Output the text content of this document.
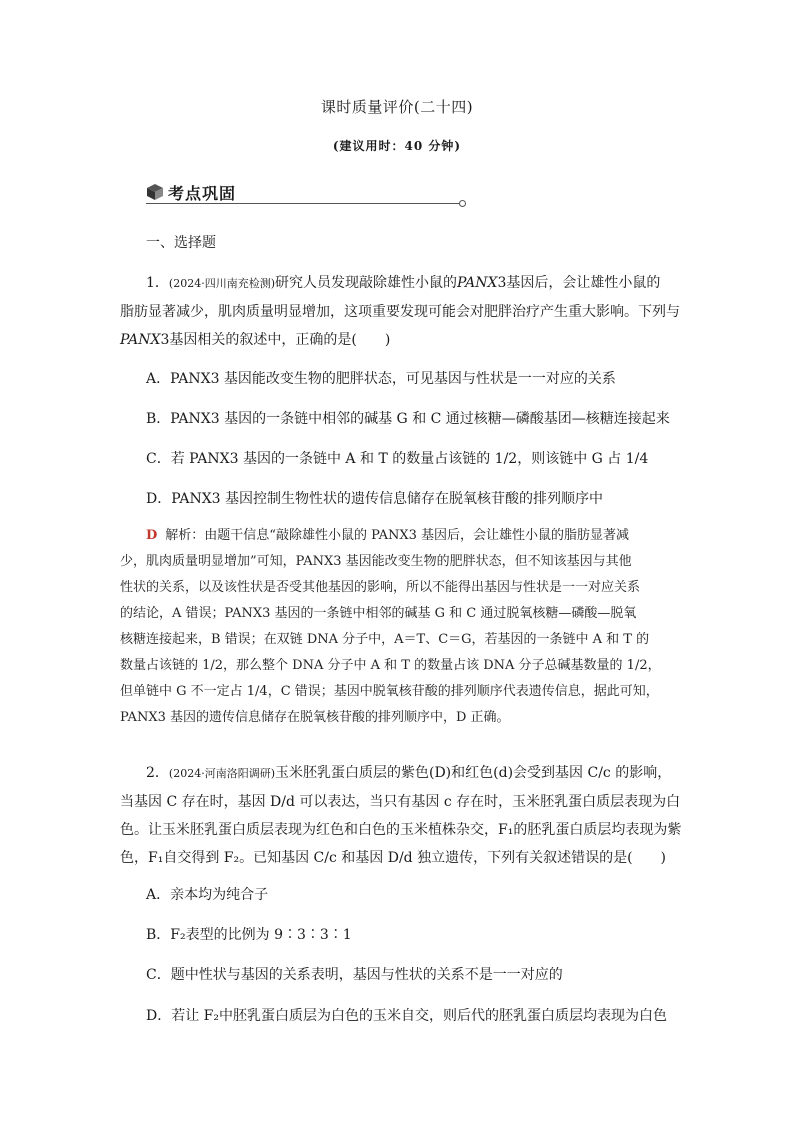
课时质量评价(二十四)
(建议用时：40 分钟)
考点巩固
一、选择题
1．(2024·四川南充检测)研究人员发现敲除雄性小鼠的PANX3基因后，会让雄性小鼠的
脂肪显著减少，肌肉质量明显增加，这项重要发现可能会对肥胖治疗产生重大影响。下列与
PANX3基因相关的叙述中，正确的是(　　)
A．PANX3 基因能改变生物的肥胖状态，可见基因与性状是一一对应的关系
B．PANX3 基因的一条链中相邻的碱基 G 和 C 通过核糖—磷酸基团—核糖连接起来
C．若 PANX3 基因的一条链中 A 和 T 的数量占该链的 1/2，则该链中 G 占 1/4
D．PANX3 基因控制生物性状的遗传信息储存在脱氧核苷酸的排列顺序中
D 解析：由题干信息“敲除雄性小鼠的 PANX3 基因后，会让雄性小鼠的脂肪显著减
少，肌肉质量明显增加”可知，PANX3 基因能改变生物的肥胖状态，但不知该基因与其他
性状的关系，以及该性状是否受其他基因的影响，所以不能得出基因与性状是一一对应关系
的结论，A 错误；PANX3 基因的一条链中相邻的碱基 G 和 C 通过脱氧核糖—磷酸—脱氧
核糖连接起来，B 错误；在双链 DNA 分子中，A＝T、C＝G，若基因的一条链中 A 和 T 的
数量占该链的 1/2，那么整个 DNA 分子中 A 和 T 的数量占该 DNA 分子总碱基数量的 1/2，
但单链中 G 不一定占 1/4，C 错误；基因中脱氧核苷酸的排列顺序代表遗传信息，据此可知，
PANX3 基因的遗传信息储存在脱氧核苷酸的排列顺序中，D 正确。
2．(2024·河南洛阳调研)玉米胚乳蛋白质层的紫色(D)和红色(d)会受到基因 C/c 的影响，
当基因 C 存在时，基因 D/d 可以表达，当只有基因 c 存在时，玉米胚乳蛋白质层表现为白
色。让玉米胚乳蛋白质层表现为红色和白色的玉米植株杂交，F₁的胚乳蛋白质层均表现为紫
色，F₁自交得到 F₂。已知基因 C/c 和基因 D/d 独立遗传，下列有关叙述错误的是(　　)
A．亲本均为纯合子
B．F₂表型的比例为 9∶3∶3∶1
C．题中性状与基因的关系表明，基因与性状的关系不是一一对应的
D．若让 F₂中胚乳蛋白质层为白色的玉米自交，则后代的胚乳蛋白质层均表现为白色
